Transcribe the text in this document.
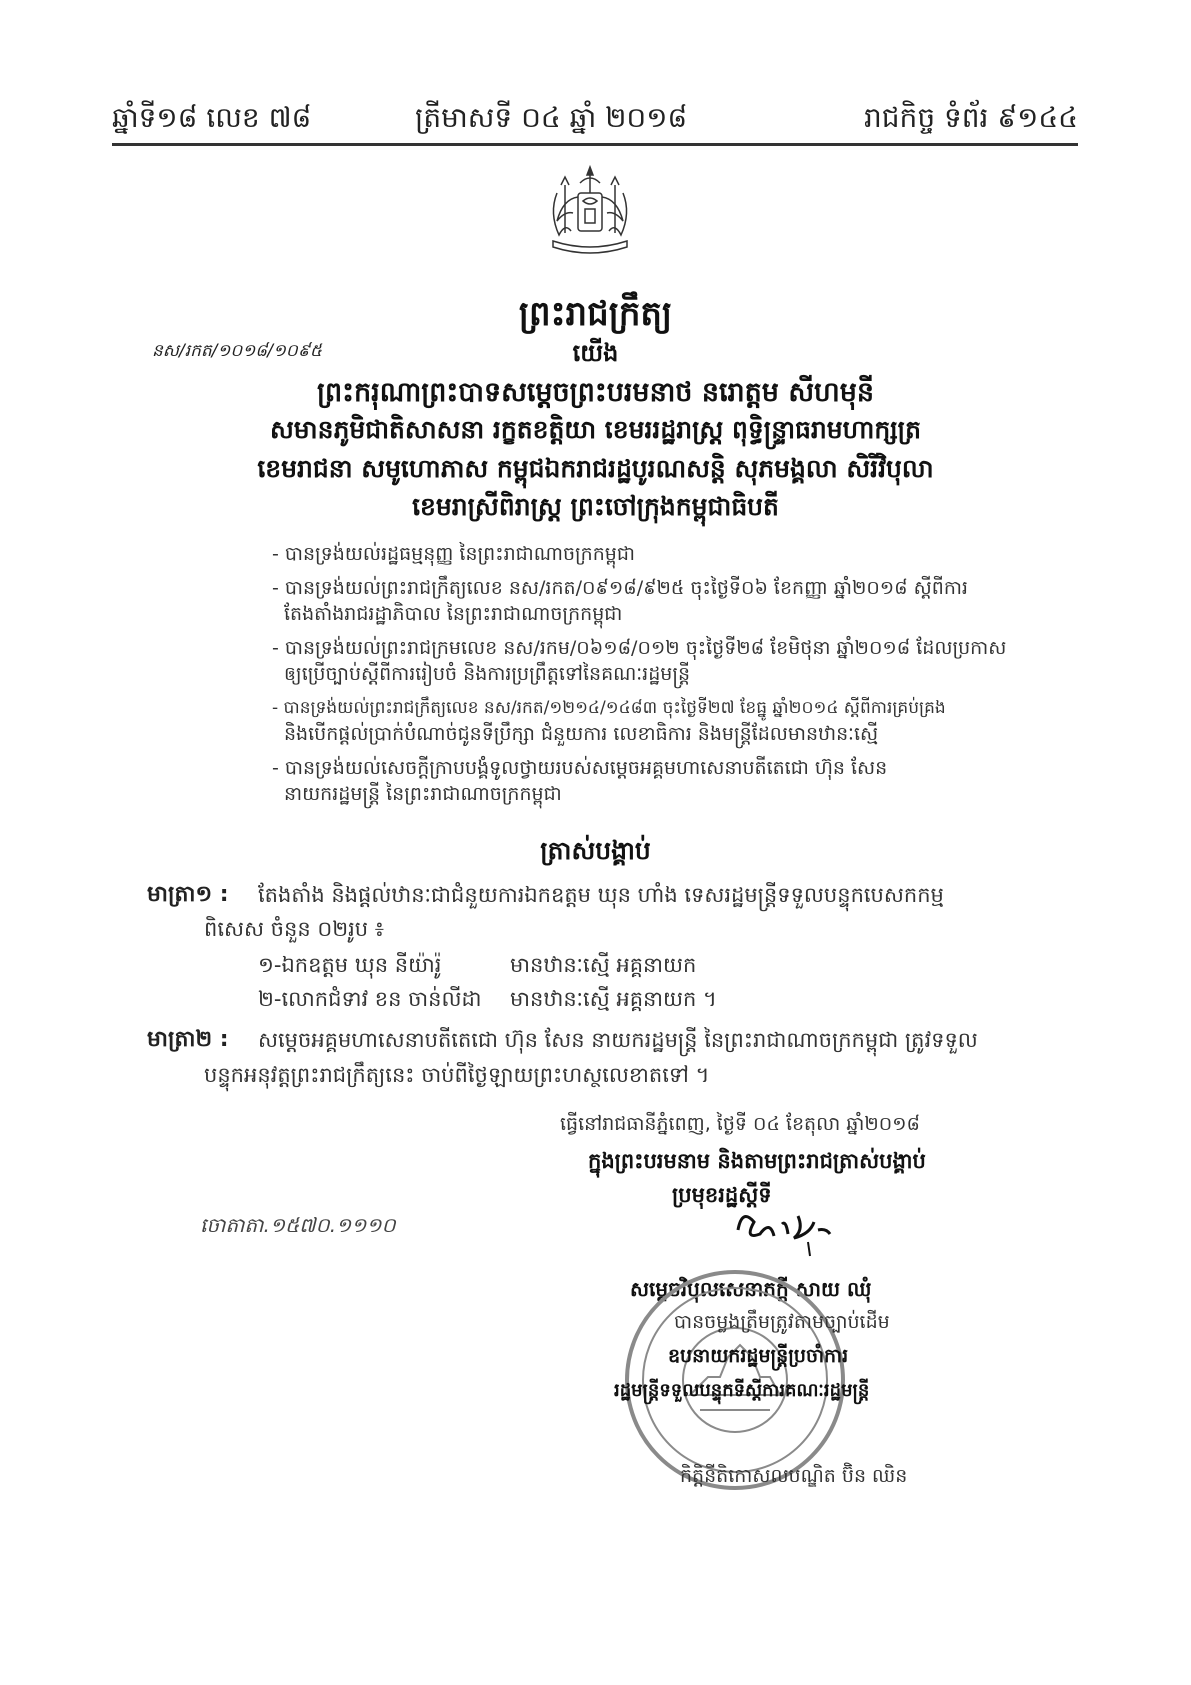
ឆ្នាំទី១៨ លេខ ៧៨	ត្រីមាសទី ០៤ ឆ្នាំ ២០១៨	រាជកិច្ច ទំព័រ ៩១៤៤
ព្រះរាជក្រឹត្យ
នស/រកត/១០១៨/១០៩៥	យើង
ព្រះករុណាព្រះបាទសម្តេចព្រះបរមនាថ នរោត្តម សីហមុនី
សមានភូមិជាតិសាសនា រក្ខតខត្តិយា ខេមររដ្ឋរាស្ត្រ ពុទ្ធិន្ទ្រាធរាមហាក្សត្រ
ខេមរាជនា សមូហោភាស កម្ពុជឯករាជរដ្ឋបូរណសន្តិ សុភមង្គលា សិរីវិបុលា
ខេមរាស្រីពិរាស្ត្រ ព្រះចៅក្រុងកម្ពុជាធិបតី
- បានទ្រង់យល់រដ្ឋធម្មនុញ្ញ នៃព្រះរាជាណាចក្រកម្ពុជា
- បានទ្រង់យល់ព្រះរាជក្រឹត្យលេខ នស/រកត/០៩១៨/៩២៥ ចុះថ្ងៃទី០៦ ខែកញ្ញា ឆ្នាំ២០១៨ ស្តីពីការ
តែងតាំងរាជរដ្ឋាភិបាល នៃព្រះរាជាណាចក្រកម្ពុជា
- បានទ្រង់យល់ព្រះរាជក្រមលេខ នស/រកម/០៦១៨/០១២ ចុះថ្ងៃទី២៨ ខែមិថុនា ឆ្នាំ២០១៨ ដែលប្រកាស
ឲ្យប្រើច្បាប់ស្តីពីការរៀបចំ និងការប្រព្រឹត្តទៅនៃគណៈរដ្ឋមន្ត្រី
- បានទ្រង់យល់ព្រះរាជក្រឹត្យលេខ នស/រកត/១២១៤/១៤៨៣ ចុះថ្ងៃទី២៧ ខែធ្នូ ឆ្នាំ២០១៤ ស្តីពីការគ្រប់គ្រង
និងបើកផ្តល់ប្រាក់បំណាច់ជូនទីប្រឹក្សា ជំនួយការ លេខាធិការ និងមន្ត្រីដែលមានឋានៈស្មើ
- បានទ្រង់យល់សេចក្តីក្រាបបង្គំទូលថ្វាយរបស់សម្តេចអគ្គមហាសេនាបតីតេជោ ហ៊ុន សែន
នាយករដ្ឋមន្ត្រី នៃព្រះរាជាណាចក្រកម្ពុជា
ត្រាស់បង្គាប់
មាត្រា១ : តែងតាំង និងផ្តល់ឋានៈជាជំនួយការឯកឧត្តម ឃុន ហាំង ទេសរដ្ឋមន្ត្រីទទួលបន្ទុកបេសកកម្ម
ពិសេស ចំនួន ០២រូប ៖
១-ឯកឧត្តម ឃុន នីយ៉ារ៉ូ	មានឋានៈស្មើ អគ្គនាយក
២-លោកជំទាវ ខន ចាន់លីដា មានឋានៈស្មើ អគ្គនាយក ។
មាត្រា២ : សម្តេចអគ្គមហាសេនាបតីតេជោ ហ៊ុន សែន នាយករដ្ឋមន្ត្រី នៃព្រះរាជាណាចក្រកម្ពុជា ត្រូវទទួល
បន្ទុកអនុវត្តព្រះរាជក្រឹត្យនេះ ចាប់ពីថ្ងៃឡាយព្រះហស្ថលេខាតទៅ ។
ធ្វើនៅរាជធានីភ្នំពេញ, ថ្ងៃទី ០៤ ខែតុលា ឆ្នាំ២០១៨
ក្នុងព្រះបរមនាម និងតាមព្រះរាជត្រាស់បង្គាប់
ប្រមុខរដ្ឋស្តីទី
ចោតាតា.១៥៧០.១១១០
សម្តេចវិបុលសេនាភក្តី សាយ ឈុំ
បានចម្លងត្រឹមត្រូវតាមច្បាប់ដើម
ឧបនាយករដ្ឋមន្ត្រីប្រចាំការ
រដ្ឋមន្ត្រីទទួលបន្ទុកទីស្តីការគណៈរដ្ឋមន្ត្រី
កិត្តិនីតិកោសលបណ្ឌិត ប៊ិន ឈិន
